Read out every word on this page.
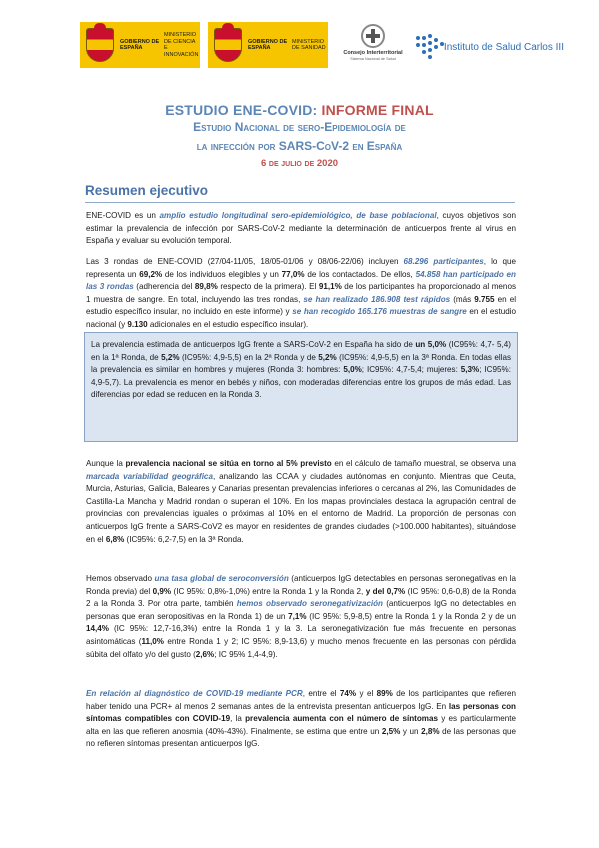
GOBIERNO DE ESPAÑA
MINISTERIO DE CIENCIA E INNOVACIÓN
GOBIERNO DE ESPAÑA
MINISTERIO DE SANIDAD
Consejo Interterritorial
Sistema Nacional de Salud
Instituto de Salud Carlos III
ESTUDIO ENE-COVID: INFORME FINAL
Estudio Nacional de sero-Epidemiología de
la infección por SARS-CoV-2 en España
6 de julio de 2020
Resumen ejecutivo
ENE-COVID es un amplio estudio longitudinal sero-epidemiológico, de base poblacional, cuyos objetivos son estimar la prevalencia de infección por SARS-CoV-2 mediante la determinación de anticuerpos frente al virus en España y evaluar su evolución temporal.
Las 3 rondas de ENE-COVID (27/04-11/05, 18/05-01/06 y 08/06-22/06) incluyen 68.296 participantes, lo que representa un 69,2% de los individuos elegibles y un 77,0% de los contactados. De ellos, 54.858 han participado en las 3 rondas (adherencia del 89,8% respecto de la primera). El 91,1% de los participantes ha proporcionado al menos 1 muestra de sangre. En total, incluyendo las tres rondas, se han realizado 186.908 test rápidos (más 9.755 en el estudio específico insular, no incluido en este informe) y se han recogido 165.176 muestras de sangre en el estudio nacional (y 9.130 adicionales en el estudio específico insular).
La prevalencia estimada de anticuerpos IgG frente a SARS-CoV-2 en España ha sido de un 5,0% (IC95%: 4,7- 5,4) en la 1ª Ronda, de 5,2% (IC95%: 4,9-5,5) en la 2ª Ronda y de 5,2% (IC95%: 4,9-5,5) en la 3ª Ronda. En todas ellas la prevalencia es similar en hombres y mujeres (Ronda 3: hombres: 5,0%; IC95%: 4,7-5,4; mujeres: 5,3%; IC95%: 4,9-5,7). La prevalencia es menor en bebés y niños, con moderadas diferencias entre los grupos de más edad. Las diferencias por edad se reducen en la Ronda 3.
Aunque la prevalencia nacional se sitúa en torno al 5% previsto en el cálculo de tamaño muestral, se observa una marcada variabilidad geográfica, analizando las CCAA y ciudades autónomas en conjunto. Mientras que Ceuta, Murcia, Asturias, Galicia, Baleares y Canarias presentan prevalencias inferiores o cercanas al 2%, las Comunidades de Castilla-La Mancha y Madrid rondan o superan el 10%. En los mapas provinciales destaca la agrupación central de provincias con prevalencias iguales o próximas al 10% en el entorno de Madrid. La proporción de personas con anticuerpos IgG frente a SARS-CoV2 es mayor en residentes de grandes ciudades (>100.000 habitantes), situándose en el 6,8% (IC95%: 6,2-7,5) en la 3ª Ronda.
Hemos observado una tasa global de seroconversión (anticuerpos IgG detectables en personas seronegativas en la Ronda previa) del 0,9% (IC 95%: 0,8%-1,0%) entre la Ronda 1 y la Ronda 2, y del 0,7% (IC 95%: 0,6-0,8) de la Ronda 2 a la Ronda 3. Por otra parte, también hemos observado seronegativización (anticuerpos IgG no detectables en personas que eran seropositivas en la Ronda 1) de un 7,1% (IC 95%: 5,9-8,5) entre la Ronda 1 y la Ronda 2 y de un 14,4% (IC 95%: 12,7-16,3%) entre la Ronda 1 y la 3. La seronegativización fue más frecuente en personas asintomáticas (11,0% entre Ronda 1 y 2; IC 95%: 8,9-13,6) y mucho menos frecuente en las personas con pérdida súbita del olfato y/o del gusto (2,6%; IC 95% 1,4-4,9).
En relación al diagnóstico de COVID-19 mediante PCR, entre el 74% y el 89% de los participantes que refieren haber tenido una PCR+ al menos 2 semanas antes de la entrevista presentan anticuerpos IgG. En las personas con síntomas compatibles con COVID-19, la prevalencia aumenta con el número de síntomas y es particularmente alta en las que refieren anosmia (40%-43%). Finalmente, se estima que entre un 2,5% y un 2,8% de las personas que no refieren síntomas presentan anticuerpos IgG.
